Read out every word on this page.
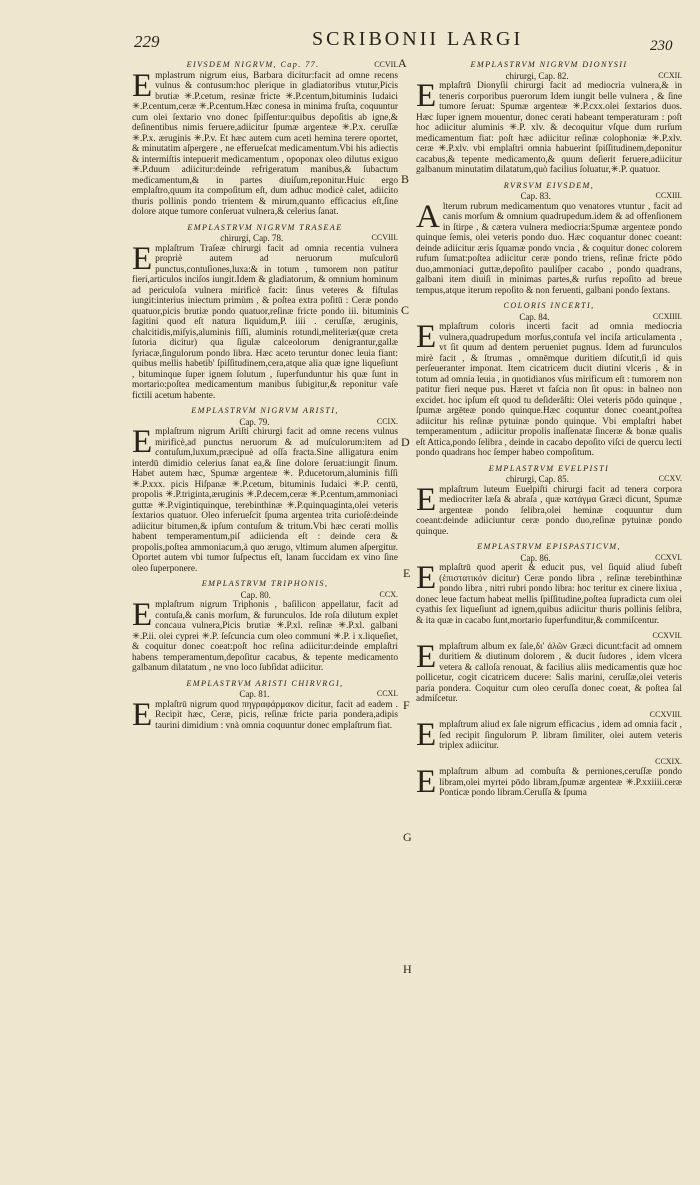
229	SCRIBONII LARGI	230
EIVSDEM NIGRVM, Cap. 77.	CCVII.

Emplastrum nigrum eius, Barbara dicitur:facit ad omne recens vulnus & contusum:hoc plerique in gladiatoribus vtutur,Picis brutiæ ✳.P.cetum, resinæ fricte ✳.P.centum,bituminis Iudaici ✳.P.centum,ceræ ✳.P.centum.Hæc conesa in minima fruſta, coquuntur cum olei ſextario vno donec ſpiſſentur:quibus depoſitis ab igne,& deſinentibus nimis feruere,adiicitur ſpumæ argenteæ ✳.P.x. ceruſſæ ✳.P.x. æruginis ✳.P.v. Et hæc autem cum aceti hemina terere oportet, & minutatim aſpergere , ne efferueſcat medicamentum.Vbi his adiectis & intermiſtis intepuerit medicamentum , opoponax oleo dilutus exiguo ✳.P.duum adiicitur:deinde refrigeratum manibus,& ſubactum medicamentum,& in partes diuiſum,reponitur.Huic ergo emplaſtro,quum ita compoſitum eſt, dum adhuc modicè calet, adiicito thuris pollinis pondo trientem & mirum,quanto efficacius eſt,ſine dolore atque tumore conſeruat vulnera,& celerius ſanat.

EMPLASTRVM NIGRVM TRASEAE
chirurgi, Cap. 78.	CCVIII.

Emplaſtrum Traſeæ chirurgi facit ad omnia recentia vulnera propriè autem ad neruorum muſculorū punctus,contuſiones,luxa:& in totum , tumorem non patitur fieri,articulos inciſos iungit.Idem & gladiatorum, & omnium hominum ad periculoſa vulnera mirificè facit: ſinus veteres & fiſtulas iungit:interius iniectum primùm , & poſtea extra poſitū : Ceræ pondo quatuor,picis brutiæ pondo quatuor,reſinæ fricte pondo iii. bituminis ſagitini quod eſt natura liquidum,P. iiii . ceruſſæ, æruginis, chalcitidis,miſyis,aluminis fiſſi, aluminis rotundi,meliteriæ(quæ creta ſutoria dicitur) qua ſigulæ calceolorum denigrantur,gallæ ſyriacæ,ſingulorum pondo libra. Hæc aceto teruntur donec leuia fiant: quibus mellis habetib' ſpiſſitudinem,cera,atque alia quæ igne liqueſiunt , bituminque ſuper ignem ſolutum , ſuperfunduntur his quæ ſunt in mortario:poſtea medicamentum manibus ſubigitur,& reponitur vaſe fictili acetum habente.

EMPLASTRVM NIGRVM ARISTI,
Cap. 79.	CCIX.

Emplaſtrum nigrum Ariſti chirurgi facit ad omne recens vulnus mirificè,ad punctus neruorum & ad muſculorum:item ad contuſum,luxum,præcipuè ad oſſa fracta.Sine alligatura enim interdū dimidio celerius ſanat ea,& ſine dolore ſeruat:iungit ſinum. Habet autem hæc, Spumæ argenteæ ✳. P.ducetorum,aluminis fiſſi ✳.P.xxx. picis Hiſpanæ ✳.P.cetum, bituminis Iudaici ✳.P. centū, propolis ✳.P.triginta,æruginis ✳.P.decem,ceræ ✳.P.centum,ammoniaci guttæ ✳.P.vigintiquinque, terebinthinæ ✳.P.quinquaginta,olei veteris ſextarios quatuor. Oleo inferueſcit ſpuma argentea trita curioſè:deinde adiicitur bitumen,& ipſum contuſum & tritum.Vbi hæc cerati mollis habent temperamentum,piſ adiicienda eſt : deinde cera & propolis,poſtea ammoniacum,à quo ærugo, vltimum alumen aſpergitur. Oportet autem vbi tumor ſuſpectus eſt, lanam ſuccidam ex vino ſine oleo ſuperponere.

EMPLASTRVM TRIPHONIS,
Cap. 80.	CCX.

Emplaſtrum nigrum Triphonis , baſilicon appellatur, facit ad contuſa,& canis morſum, & furunculos. Ide roſa dilutum explet concaua vulnera,Picis brutiæ ✳.P.xl. reſinæ ✳.P.xl. galbani ✳.P.ii. olei cyprei ✳.P. ſeſcuncia cum oleo communi ✳.P. i x.liqueſiet, & coquitur donec coeat:poſt hoc reſina adiicitur:deinde emplaſtri habens temperamentum,depoſitur cacabus, & tepente medicamento galbanum dilatatum , ne vno loco ſubſidat adiicitur.

EMPLASTRVM ARISTI CHIRVRGI,
Cap. 81.	CCXI.

Emplaſtrū nigrum quod πηγραφάρμακον dicitur, facit ad eadem . Recipit hæc, Ceræ, picis, reſinæ fricte paria pondera,adipis taurini dimidium : vnà omnia coquuntur donec emplaſtrum fiat.

EMPLASTRVM NIGRVM DIONYSII
chirurgi, Cap. 82.	CCXII.

Emplaſtrū Dionyſii chirurgi facit ad mediocria vulnera,& in teneris corporibus puerorum Idem iungit belle vulnera , & ſine tumore ſeruat: Spumæ argenteæ ✳.P.cxx.olei ſextarios duos. Hæc ſuper ignem mouentur, donec cerati habeant temperaturam : poſt hoc adiicitur aluminis ✳.P. xlv. & decoquitur vſque dum rurſum medicamentum fiat: poſt hæc adiicitur reſinæ colophoniæ ✳.P.xlv. ceræ ✳.P.xlv. vbi emplaſtri omnia habuerint ſpiſſitudinem,deponitur cacabus,& tepente medicamento,& quum deſierit feruere,adiicitur galbanum minutatim dilatatum,quò facilius ſoluatur,✳.P. quatuor.

RVRSVM EIVSDEM,
Cap. 83.	CCXIII.

Alterum rubrum medicamentum quo venatores vtuntur , facit ad canis morſum & omnium quadrupedum.idem & ad offenſionem in ſtirpe , & cætera vulnera mediocria:Spumæ argenteæ pondo quinque ſemis, olei veteris pondo duo. Hæc coquantur donec coeant: deinde adiicitur æris ſquamæ pondo vncia , & coquitur donec colorem rufum ſumat:poſtea adiicitur ceræ pondo triens, reſinæ fricte pōdo duo,ammoniaci guttæ,depoſito pauliſper cacabo , pondo quadrans, galbani item diuiſi in minimas partes,& rurſus repoſito ad breue tempus,atque iterum repoſito & non feruenti, galbani pondo ſextans.

COLORIS INCERTI,
Cap. 84.	CCXIIII.

Emplaſtrum coloris incerti facit ad omnia mediocria vulnera,quadrupedum morſus,contuſa vel inciſa articulamenta , vt ſit quum ad dentem perueniet pugnus. Idem ad furunculos mirè facit , & ſtrumas , omnēmque duritiem diſcutit,ſi id quis perſeueranter imponat. Item cicatricem ducit diutini vlceris , & in totum ad omnia leuia , in quotidianos vſus mirificum eſt : tumorem non patitur fieri neque pus. Hæret vt faſcia non ſit opus: in balneo non excidet. hoc ipſum eſt quod tu deſiderâſti: Olei veteris pōdo quinque , ſpumæ argēteæ pondo quinque.Hæc coquntur donec coeant,poſtea adiicitur his reſinæ pytuinæ pondo quinque. Vbi emplaſtri habet temperamentum , adiicitur propolis inaſſenatæ ſinceræ & bonæ qualis eſt Attica,pondo ſelibra , deinde in cacabo depoſito viſci de quercu lecti pondo quadrans hoc ſemper habeo compoſitum.

EMPLASTRVM EVELPISTI
chirurgi, Cap. 85.	CCXV.

Emplaſtrum luteum Euelpiſti chirurgi facit ad tenera corpora mediocriter læſa & abraſa , quæ κατάγμα Græci dicunt, Spumæ argenteæ pondo ſelibra,olei heminæ coquuntur dum coeant:deinde adiiciuntur ceræ pondo duo,reſinæ pytuinæ pondo quinque.

EMPLASTRVM EPISPASTICVM,
Cap. 86.	CCXVI.

Emplaſtrū quod aperit & educit pus, vel ſiquid aliud ſubeſt (ἐπιστατικόν dicitur) Ceræ pondo libra , reſinæ terebinthinæ pondo libra , nitri rubri pondo libra: hoc teritur ex cinere lixiua , donec leue factum habeat mellis ſpiſſitudine,poſtea ſupradicta cum olei cyathis ſex liqueſiunt ad ignem,quibus adiicitur thuris pollinis ſelibra, & ita quæ in cacabo ſunt,mortario ſuperfunditur,& commiſcentur.

CCXVII.

Emplaſtrum album ex ſale,δι' ἀλῶν Græci dicunt:facit ad omnem duritiem & diutinum dolorem , & ducit ſudores , idem vlcera vetera & calloſa renouat, & facilius aliis medicamentis quæ hoc pollicetur, cogit cicatricem ducere: Salis marini, ceruſſæ,olei veteris paria pondera. Coquitur cum oleo ceruſſa donec coeat, & poſtea ſal admiſcetur.

CCXVIII.

Emplaſtrum aliud ex ſale nigrum efficacius , idem ad omnia facit , ſed recipit ſingulorum P. libram ſimiliter, olei autem veteris triplex adiicitur.

CCXIX.

Emplaſtrum album ad combuſta & perniones,ceruſſæ pondo libram,olei myrtei pōdo libram,ſpumæ argenteæ ✳.P.xxiiii.ceræ Ponticæ pondo libram.Ceruſſa & ſpuma

A
B
C
D
E
F
G
H
